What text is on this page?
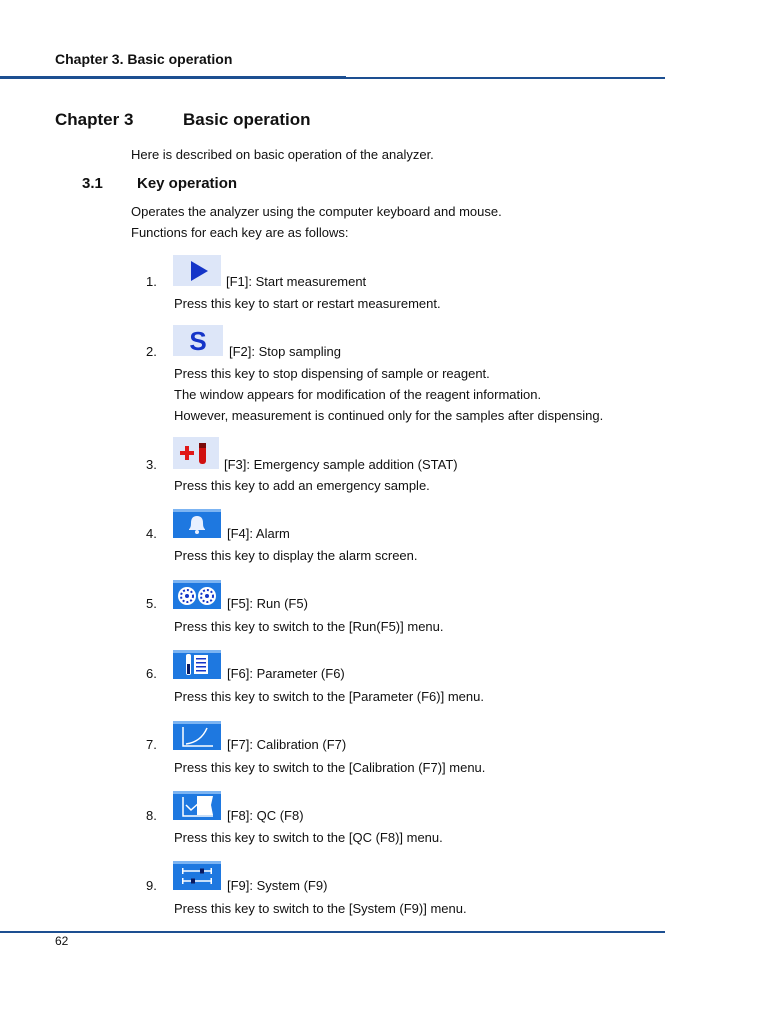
Chapter 3. Basic operation
Chapter 3	Basic operation
Here is described on basic operation of the analyzer.
3.1 Key operation
Operates the analyzer using the computer keyboard and mouse.
Functions for each key are as follows:
1.	[F1]: Start measurement
Press this key to start or restart measurement.
2. S [F2]: Stop sampling
Press this key to stop dispensing of sample or reagent.
The window appears for modification of the reagent information.
However, measurement is continued only for the samples after dispensing.
3.	[F3]: Emergency sample addition (STAT)
Press this key to add an emergency sample.
4.	[F4]: Alarm
Press this key to display the alarm screen.
5.	[F5]: Run (F5)
Press this key to switch to the [Run(F5)] menu.
6.	[F6]: Parameter (F6)
Press this key to switch to the [Parameter (F6)] menu.
7.	[F7]: Calibration (F7)
Press this key to switch to the [Calibration (F7)] menu.
8.	[F8]: QC (F8)
Press this key to switch to the [QC (F8)] menu.
9.	[F9]: System (F9)
Press this key to switch to the [System (F9)] menu.
62
